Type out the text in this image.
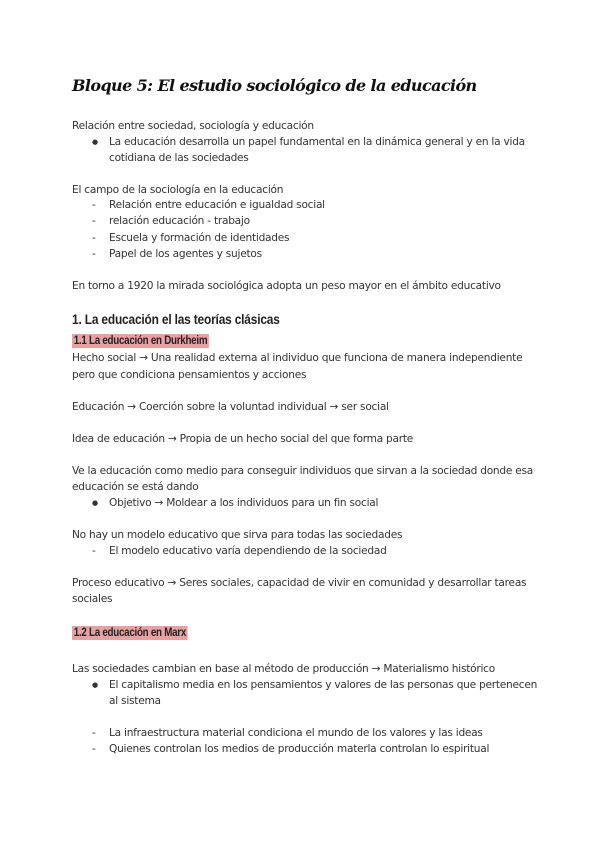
Bloque 5: El estudio sociológico de la educación
Relación entre sociedad, sociología y educación
● La educación desarrolla un papel fundamental en la dinámica general y en la vida
cotidiana de las sociedades
El campo de la sociología en la educación
- Relación entre educación e igualdad social
- relación educación - trabajo
- Escuela y formación de identidades
- Papel de los agentes y sujetos
En torno a 1920 la mirada sociológica adopta un peso mayor en el ámbito educativo
1. La educación el las teorías clásicas
1.1 La educación en Durkheim
Hecho social → Una realidad externa al individuo que funciona de manera independiente
pero que condiciona pensamientos y acciones
Educación → Coerción sobre la voluntad individual → ser social
Idea de educación → Propia de un hecho social del que forma parte
Ve la educación como medio para conseguir individuos que sirvan a la sociedad donde esa
educación se está dando
● Objetivo → Moldear a los individuos para un fin social
No hay un modelo educativo que sirva para todas las sociedades
- El modelo educativo varía dependiendo de la sociedad
Proceso educativo → Seres sociales, capacidad de vivir en comunidad y desarrollar tareas
sociales
1.2 La educación en Marx
Las sociedades cambian en base al método de producción → Materialismo histórico
● El capitalismo media en los pensamientos y valores de las personas que pertenecen
al sistema
- La infraestructura material condiciona el mundo de los valores y las ideas
- Quienes controlan los medios de producción materla controlan lo espiritual
